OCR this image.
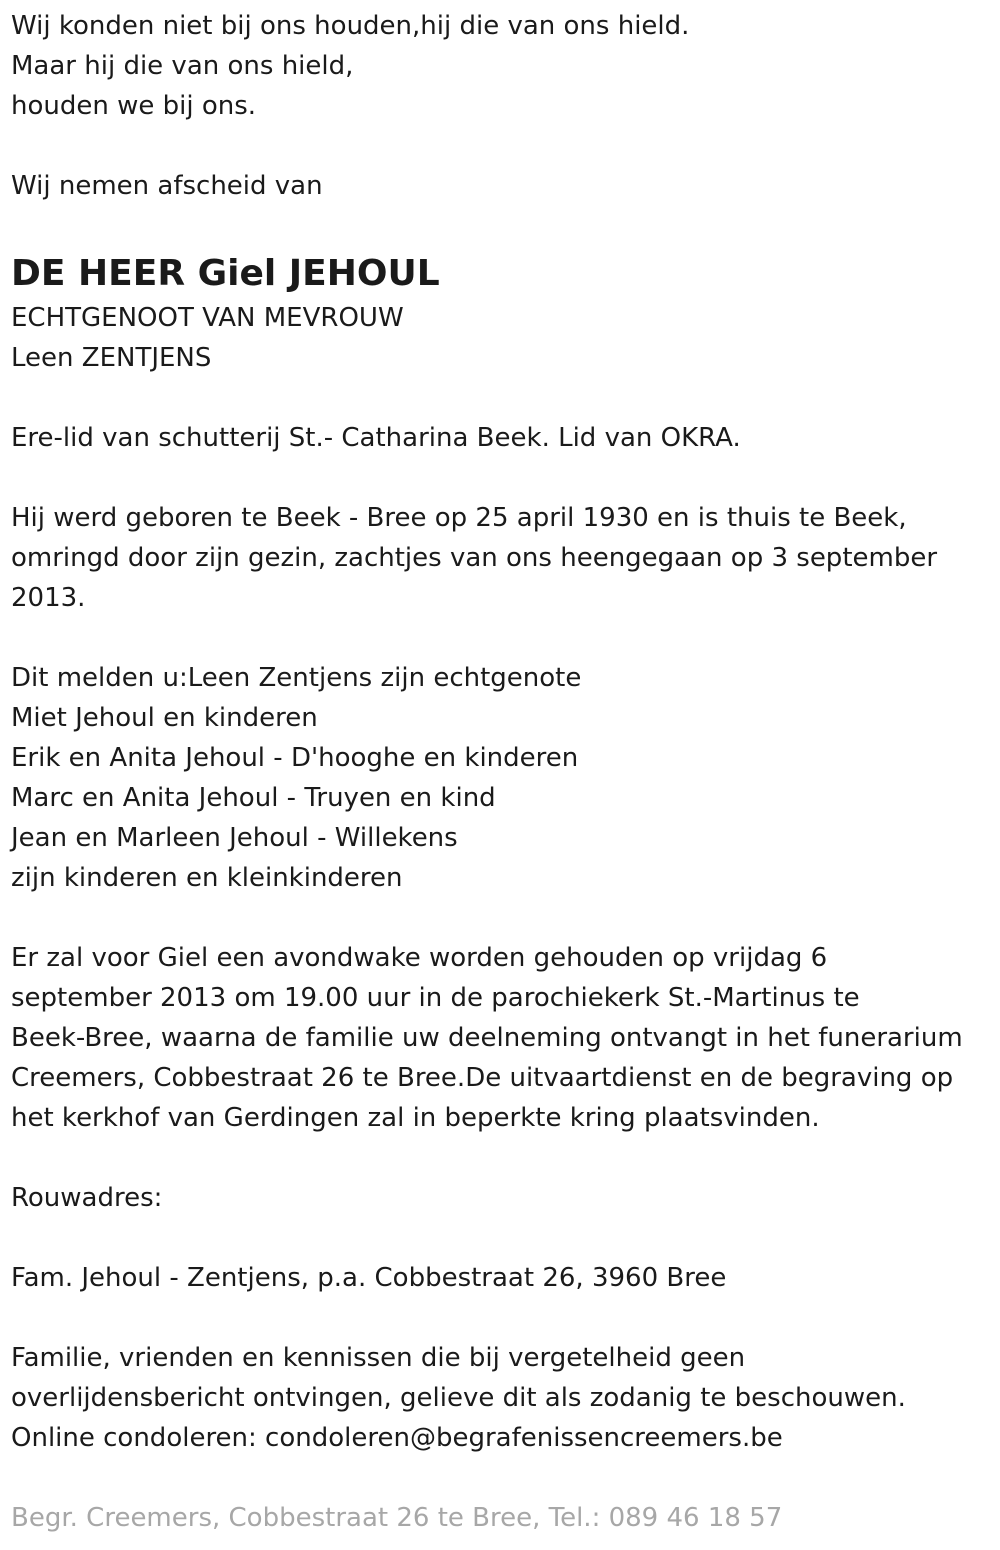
Wij konden niet bij ons houden,hij die van ons hield.
Maar hij die van ons hield,
houden we bij ons.
Wij nemen afscheid van
DE HEER Giel JEHOUL
ECHTGENOOT VAN MEVROUW
Leen ZENTJENS
Ere-lid van schutterij St.- Catharina Beek. Lid van OKRA.
Hij werd geboren te Beek - Bree op 25 april 1930 en is thuis te Beek,
omringd door zijn gezin, zachtjes van ons heengegaan op 3 september
2013.
Dit melden u:Leen Zentjens zijn echtgenote
Miet Jehoul en kinderen
Erik en Anita Jehoul - D'hooghe en kinderen
Marc en Anita Jehoul - Truyen en kind
Jean en Marleen Jehoul - Willekens
zijn kinderen en kleinkinderen
Er zal voor Giel een avondwake worden gehouden op vrijdag 6
september 2013 om 19.00 uur in de parochiekerk St.-Martinus te
Beek-Bree, waarna de familie uw deelneming ontvangt in het funerarium
Creemers, Cobbestraat 26 te Bree.De uitvaartdienst en de begraving op
het kerkhof van Gerdingen zal in beperkte kring plaatsvinden.
Rouwadres:
Fam. Jehoul - Zentjens, p.a. Cobbestraat 26, 3960 Bree
Familie, vrienden en kennissen die bij vergetelheid geen
overlijdensbericht ontvingen, gelieve dit als zodanig te beschouwen.
Online condoleren: condoleren@begrafenissencreemers.be
Begr. Creemers, Cobbestraat 26 te Bree, Tel.: 089 46 18 57
